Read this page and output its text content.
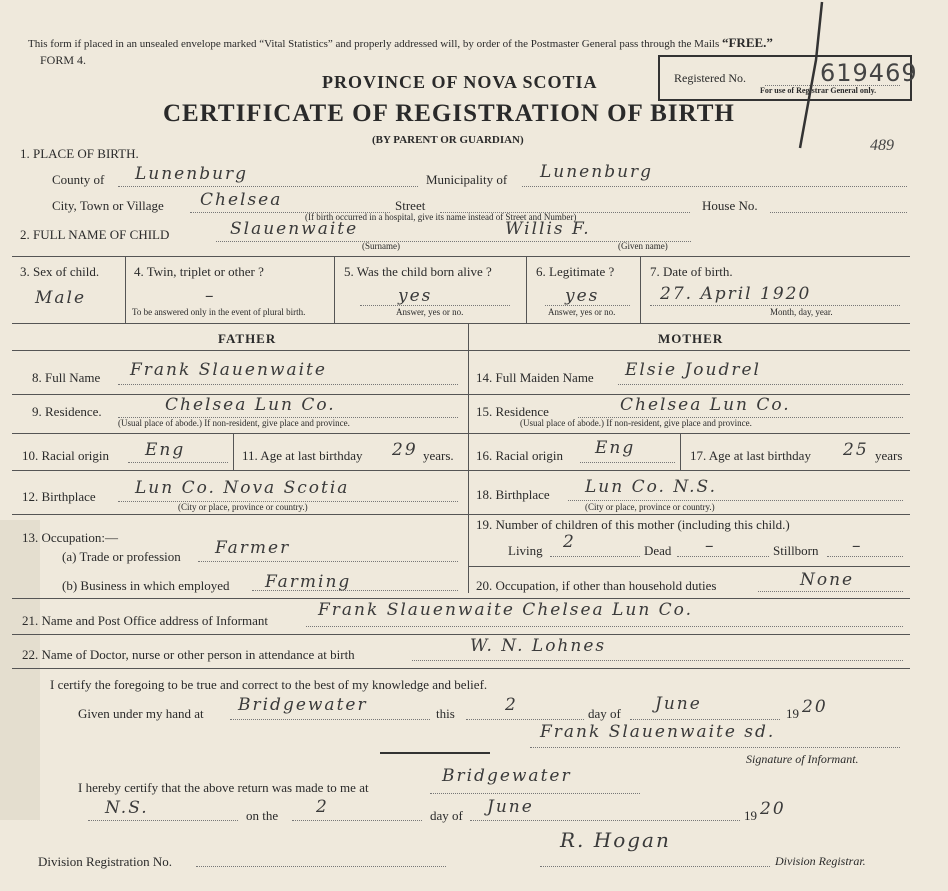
This form if placed in an unsealed envelope marked “Vital Statistics” and properly addressed will, by order of the Postmaster General pass through the Mails “FREE.”
FORM 4.
PROVINCE OF NOVA SCOTIA
CERTIFICATE OF REGISTRATION OF BIRTH
(BY PARENT OR GUARDIAN)
Registered No.	619469
For use of Registrar General only.
489
1. PLACE OF BIRTH.
County of Lunenburg	Municipality of Lunenburg
City, Town or Village Chelsea	Street	House No.
(If birth occurred in a hospital, give its name instead of Street and Number)
2. FULL NAME OF CHILD	Slauenwaite	Willis F.
(Surname)	(Given name)
3. Sex of child.
Male
4. Twin, triplet or other ?
–
To be answered only in the event of plural birth.
5. Was the child born alive ?
yes
Answer, yes or no.
6. Legitimate ?
yes
Answer, yes or no.
7. Date of birth.
27. April 1920
Month, day, year.
FATHER	MOTHER
8. Full Name Frank Slauenwaite
9. Residence.	Chelsea Lun Co.
(Usual place of abode.) If non-resident, give place and province.
10. Racial origin Eng	11. Age at last birthday 29 years.
12. Birthplace Lun Co. Nova Scotia
(City or place, province or country.)
13. Occupation:—
(a) Trade or profession Farmer
(b) Business in which employed Farming
14. Full Maiden Name Elsie Joudrel
15. Residence	Chelsea Lun Co.
(Usual place of abode.) If non-resident, give place and province.
16. Racial origin Eng	17. Age at last birthday 25 years
18. Birthplace Lun Co. N.S.
(City or place, province or country.)
19. Number of children of this mother (including this child.)
Living 2	Dead –	Stillborn –
20. Occupation, if other than household duties	None
21. Name and Post Office address of Informant
Frank Slauenwaite Chelsea Lun Co.
22. Name of Doctor, nurse or other person in attendance at birth	W. N. Lohnes
I certify the foregoing to be true and correct to the best of my knowledge and belief.
Given under my hand at Bridgewater	this	2	day of June	19 20
Frank Slauenwaite sd.
Signature of Informant.
I hereby certify that the above return was made to me at
Bridgewater
N.S.	on the 2	day of June	19 20
Division Registration No.
R. Hogan
Division Registrar.
